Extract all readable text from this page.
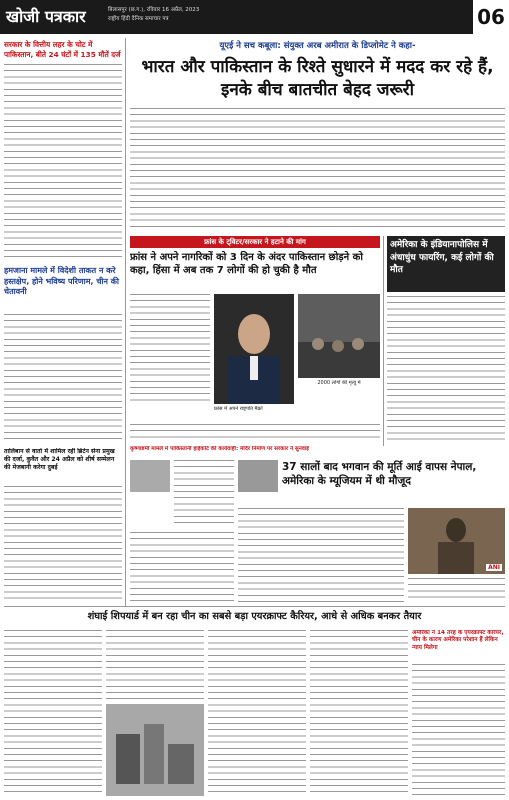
खोजी पत्रकार	बिलासपुर (छ.ग.), रविवार 16 अप्रैल, 2023
राष्ट्रीय हिंदी दैनिक समाचार पत्र	06
सरकार के वित्तीय लहर के चोट में पाकिस्तान, बीते 24 घंटों में 135 मौतें दर्ज
हमजाना मामले में विदेशी ताकत न करे हस्तक्षेप, होने भविष्य परिणाम, चीन की चेतावनी
तालिबान से वार्ता में शामिल रहीं ब्रिटेन सेना प्रमुख की दर्जा, कुवैत और 24 अप्रैल को शीर्ष सम्मेलन की मेजबानी करेगा दुबई
यूएई ने सच कबूला: संयुक्त अरब अमीरात के डिप्लोमेट ने कहा-
भारत और पाकिस्तान के रिश्ते सुधारने में मदद कर रहे हैं, इनके बीच बातचीत बेहद जरूरी
फ्रांस के ट्विटर/सरकार ने हटाने की मांग
फ्रांस ने अपने नागरिकों को 3 दिन के अंदर पाकिस्तान छोड़ने को कहा, हिंसा में अब तक 7 लोगों की हो चुकी है मौत
फ्रांस में अपने राष्ट्रपति मैक्रों
2000 लोगों की मृत्यु में
अमेरिका के इंडियानापोलिस में अंधाधुंध फायरिंग, कई लोगों की मौत
कृष्णाष्टमी मामले में पाकिस्तानी हाईकोर्ट की कार्यवाही: मंदिर निर्माण पर सरकार ने सुनवाई
37 सालों बाद भगवान की मूर्ति आई वापस नेपाल, अमेरिका के म्यूजियम में थी मौजूद
ANI
शंघाई शिपयार्ड में बन रहा चीन का सबसे बड़ा एयरक्राफ्ट कैरियर, आधे से अधिक बनकर तैयार
अमेरिका ने 14 तरह के एयरक्राफ्ट कैरियर, चीन के कारण अमेरिका परेशान हैं लेकिन न्याय मिलेगा
